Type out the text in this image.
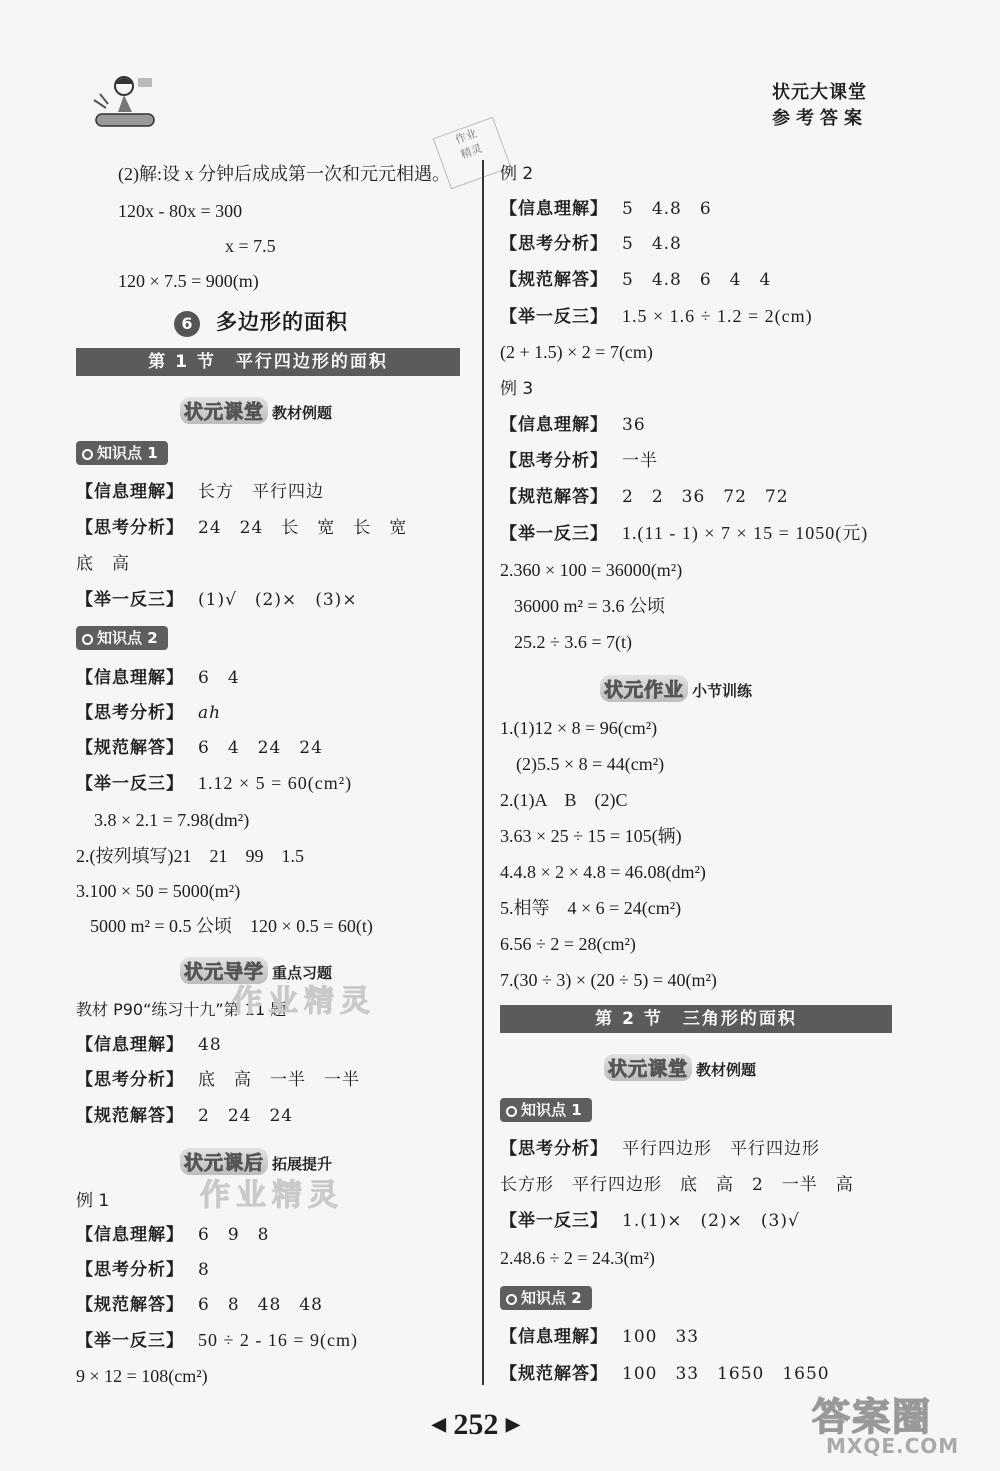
状元大课堂
参考答案
作业
精灵
(2)解:设 x 分钟后成成第一次和元元相遇。
120x - 80x = 300
x = 7.5
120 × 7.5 = 900(m)
6	多边形的面积
第 1 节 平行四边形的面积
状元课堂 教材例题
知识点 1
【信息理解】 长方　平行四边
【思考分析】 24　24　长　宽　长　宽
底　高
【举一反三】 (1)√　(2)×　(3)×
知识点 2
【信息理解】 6　4
【思考分析】 ah
【规范解答】 6　4　24　24
【举一反三】 1.12 × 5 = 60(cm²)
3.8 × 2.1 = 7.98(dm²)
2.(按列填写)21　21　99　1.5
3.100 × 50 = 5000(m²)
5000 m² = 0.5 公顷　120 × 0.5 = 60(t)
状元导学 重点习题
教材 P90“练习十九”第 11 题
【信息理解】 48
【思考分析】 底　高　一半　一半
【规范解答】 2　24　24
状元课后 拓展提升
例 1
【信息理解】 6　9　8
【思考分析】 8
【规范解答】 6　8　48　48
【举一反三】 50 ÷ 2 - 16 = 9(cm)
9 × 12 = 108(cm²)
例 2
【信息理解】 5　4.8　6
【思考分析】 5　4.8
【规范解答】 5　4.8　6　4　4
【举一反三】 1.5 × 1.6 ÷ 1.2 = 2(cm)
(2 + 1.5) × 2 = 7(cm)
例 3
【信息理解】 36
【思考分析】 一半
【规范解答】 2　2　36　72　72
【举一反三】 1.(11 - 1) × 7 × 15 = 1050(元)
2.360 × 100 = 36000(m²)
36000 m² = 3.6 公顷
25.2 ÷ 3.6 = 7(t)
状元作业 小节训练
1.(1)12 × 8 = 96(cm²)
(2)5.5 × 8 = 44(cm²)
2.(1)A　B　(2)C
3.63 × 25 ÷ 15 = 105(辆)
4.4.8 × 2 × 4.8 = 46.08(dm²)
5.相等　4 × 6 = 24(cm²)
6.56 ÷ 2 = 28(cm²)
7.(30 ÷ 3) × (20 ÷ 5) = 40(m²)
第 2 节 三角形的面积
状元课堂 教材例题
知识点 1
【思考分析】 平行四边形　平行四边形
长方形　平行四边形　底　高　2　一半　高
【举一反三】 1.(1)×　(2)×　(3)√
2.48.6 ÷ 2 = 24.3(m²)
知识点 2
【信息理解】 100　33
【规范解答】 100　33　1650　1650
作业精灵
作业精灵
◀ 252 ▶	答案圈
MXQE.COM
